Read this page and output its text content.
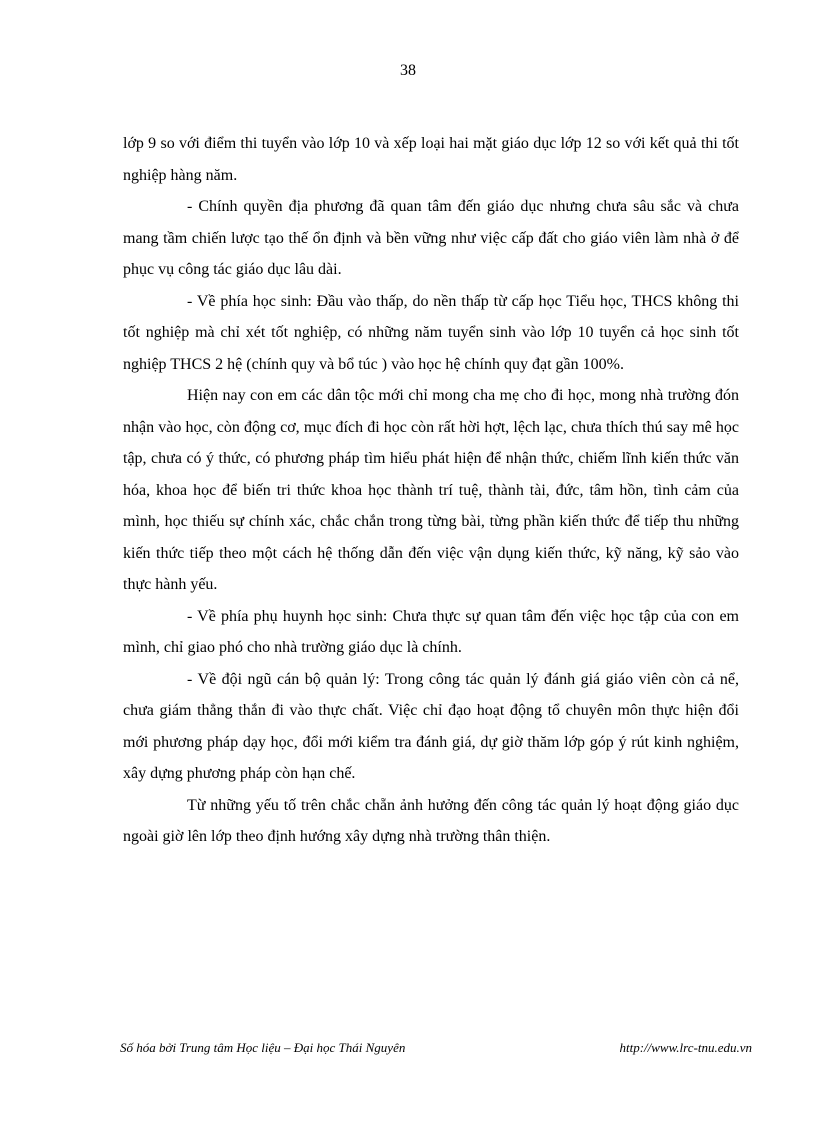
38

lớp 9 so với điểm thi tuyển vào lớp 10 và xếp loại hai mặt giáo dục lớp 12 so với kết quả thi tốt nghiệp hàng năm.

- Chính quyền địa phương đã quan tâm đến giáo dục nhưng chưa sâu sắc và chưa mang tầm chiến lược tạo thế ổn định và bền vững như việc cấp đất cho giáo viên làm nhà ở để phục vụ công tác giáo dục lâu dài.

- Về phía học sinh: Đầu vào thấp, do nền thấp từ cấp học Tiểu học, THCS không thi tốt nghiệp mà chỉ xét tốt nghiệp, có những năm tuyển sinh vào lớp 10 tuyển cả học sinh tốt nghiệp THCS 2 hệ (chính quy và bổ túc ) vào học hệ chính quy đạt gần 100%.

Hiện nay con em các dân tộc mới chỉ mong cha mẹ cho đi học, mong nhà trường đón nhận vào học, còn động cơ, mục đích đi học còn rất hời hợt, lệch lạc, chưa thích thú say mê học tập, chưa có ý thức, có phương pháp tìm hiểu phát hiện để nhận thức, chiếm lĩnh kiến thức văn hóa, khoa học để biến tri thức khoa học thành trí tuệ, thành tài, đức, tâm hồn, tình cảm của mình, học thiếu sự chính xác, chắc chắn trong từng bài, từng phần kiến thức để tiếp thu những kiến thức tiếp theo một cách hệ thống dẫn đến việc vận dụng kiến thức, kỹ năng, kỹ sảo vào thực hành yếu.

- Về phía phụ huynh học sinh: Chưa thực sự quan tâm đến việc học tập của con em mình, chỉ giao phó cho nhà trường giáo dục là chính.

- Về đội ngũ cán bộ quản lý: Trong công tác quản lý đánh giá giáo viên còn cả nể, chưa giám thẳng thắn đi vào thực chất. Việc chỉ đạo hoạt động tổ chuyên môn thực hiện đổi mới phương pháp dạy học, đổi mới kiểm tra đánh giá, dự giờ thăm lớp góp ý rút kinh nghiệm, xây dựng phương pháp còn hạn chế.

Từ những yếu tố trên chắc chẵn ảnh hưởng đến công tác quản lý hoạt động giáo dục ngoài giờ lên lớp theo định hướng xây dựng nhà trường thân thiện.

Số hóa bởi Trung tâm Học liệu – Đại học Thái Nguyên	http://www.lrc-tnu.edu.vn
